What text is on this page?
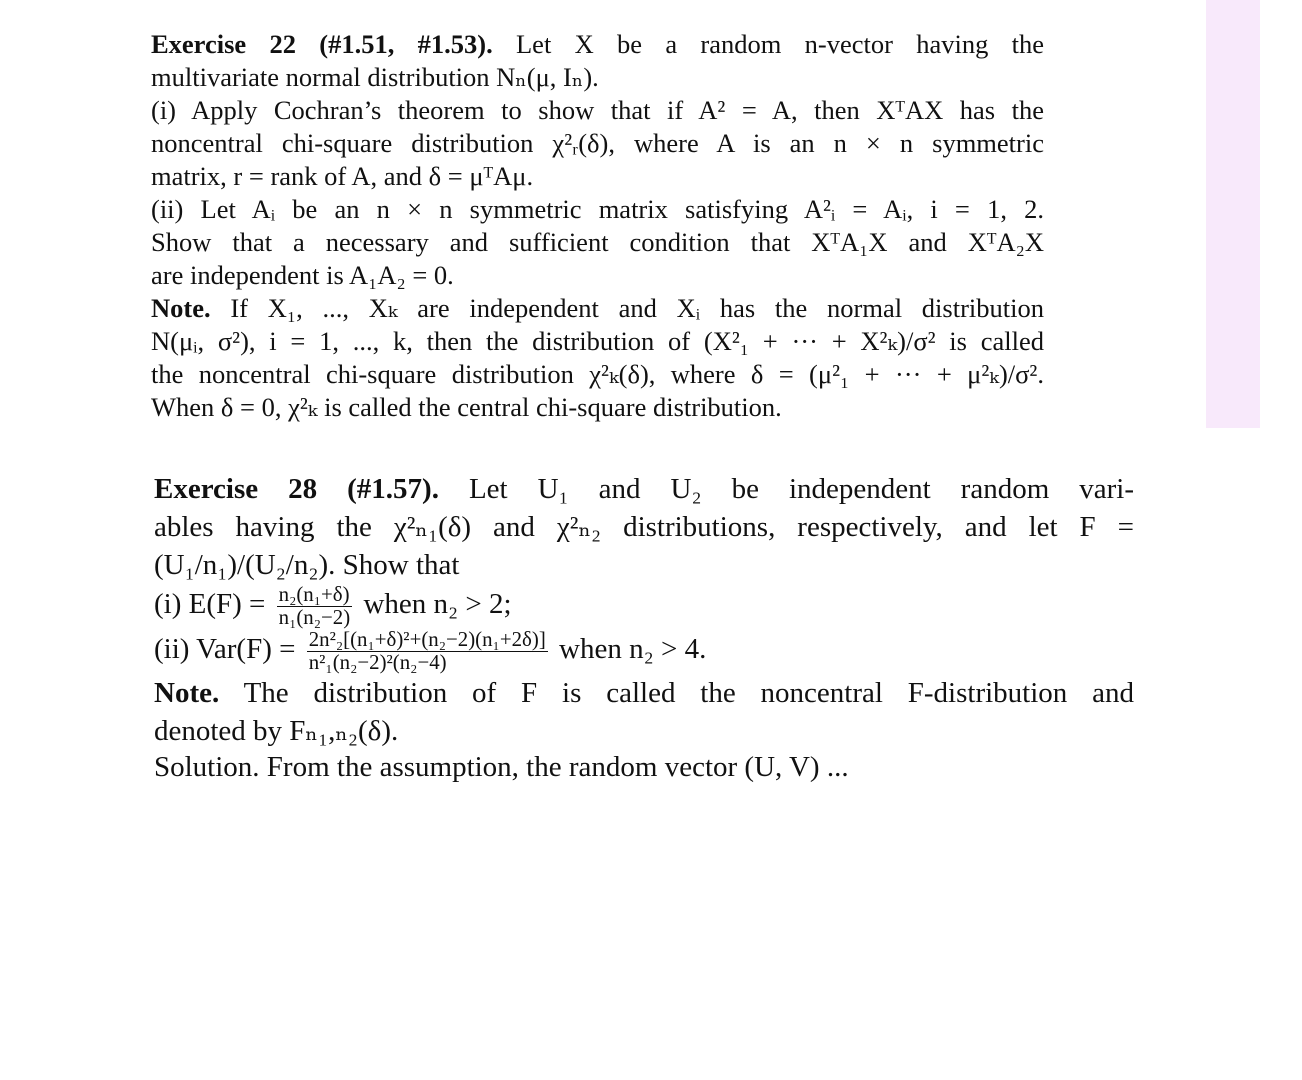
Exercise 22 (#1.51, #1.53). Let X be a random n-vector having the
multivariate normal distribution Nₙ(μ, Iₙ).
(i) Apply Cochran’s theorem to show that if A² = A, then XᵀAX has the
noncentral chi-square distribution χ²ᵣ(δ), where A is an n × n symmetric
matrix, r = rank of A, and δ = μᵀAμ.
(ii) Let Aᵢ be an n × n symmetric matrix satisfying A²ᵢ = Aᵢ, i = 1, 2.
Show that a necessary and sufficient condition that XᵀA₁X and XᵀA₂X
are independent is A₁A₂ = 0.
Note. If X₁, ..., Xₖ are independent and Xᵢ has the normal distribution
N(μᵢ, σ²), i = 1, ..., k, then the distribution of (X²₁ + ··· + X²ₖ)/σ² is called
the noncentral chi-square distribution χ²ₖ(δ), where δ = (μ²₁ + ··· + μ²ₖ)/σ².
When δ = 0, χ²ₖ is called the central chi-square distribution.
Exercise 28 (#1.57). Let U₁ and U₂ be independent random vari-
ables having the χ²ₙ₁(δ) and χ²ₙ₂ distributions, respectively, and let F =
(U₁/n₁)/(U₂/n₂). Show that
(i) $E(F) = \frac{\text{n₂(n₁+δ)}}{\text{n₁(n₂−2)}}$ when n₂ > 2;
(ii) $Var(F) = \frac{\text{2n²₂[(n₁+δ)²+(n₂−2)(n₁+2δ)]}}{\text{n²₁(n₂−2)²(n₂−4)}}$ when n₂ > 4.
Note. The distribution of F is called the noncentral F-distribution and
denoted by Fₙ₁,ₙ₂(δ).
Solution. From the assumption, the random vector (U, V) ...
